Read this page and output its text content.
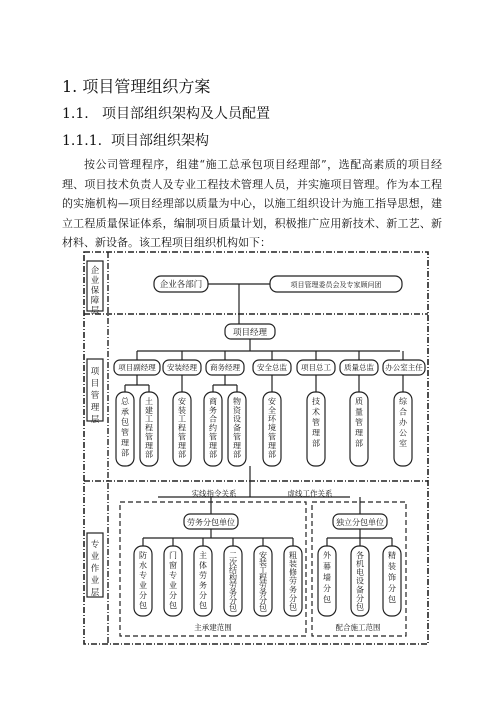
1. 项目管理组织方案
1.1. 项目部组织架构及人员配置
1.1.1. 项目部组织架构
按公司管理程序，组建“施工总承包项目经理部”，选配高素质的项目经理、项目技术负责人及专业工程技术管理人员，并实施项目管理。作为本工程的实施机构—项目经理部以质量为中心，以施工组织设计为施工指导思想，建立工程质量保证体系，编制项目质量计划，积极推广应用新技术、新工艺、新材料、新设备。该工程项目组织机构如下：
企业保障层
项目管理层
专业作业层
企业各部门	项目管理委员会及专家顾问团
项目经理
项目副经理 安装经理 商务经理 安全总监 项目总工 质量总监 办公室主任
总承包管理部
土建工程管理部
安装工程管理部
商务合约管理部
物资设备管理部
安全环境管理部
技术管理部
质量管理部
综合办公室
防水专业分包
门窗专业分包
主体劳务分包
二次结构劳务分包
安装工程劳务分包
粗装修劳务分包
外幕墙分包
各机电设备分包
精装饰分包
实线指令关系	虚线工作关系
劳务分包单位	独立分包单位
主承建范围	配合施工范围
